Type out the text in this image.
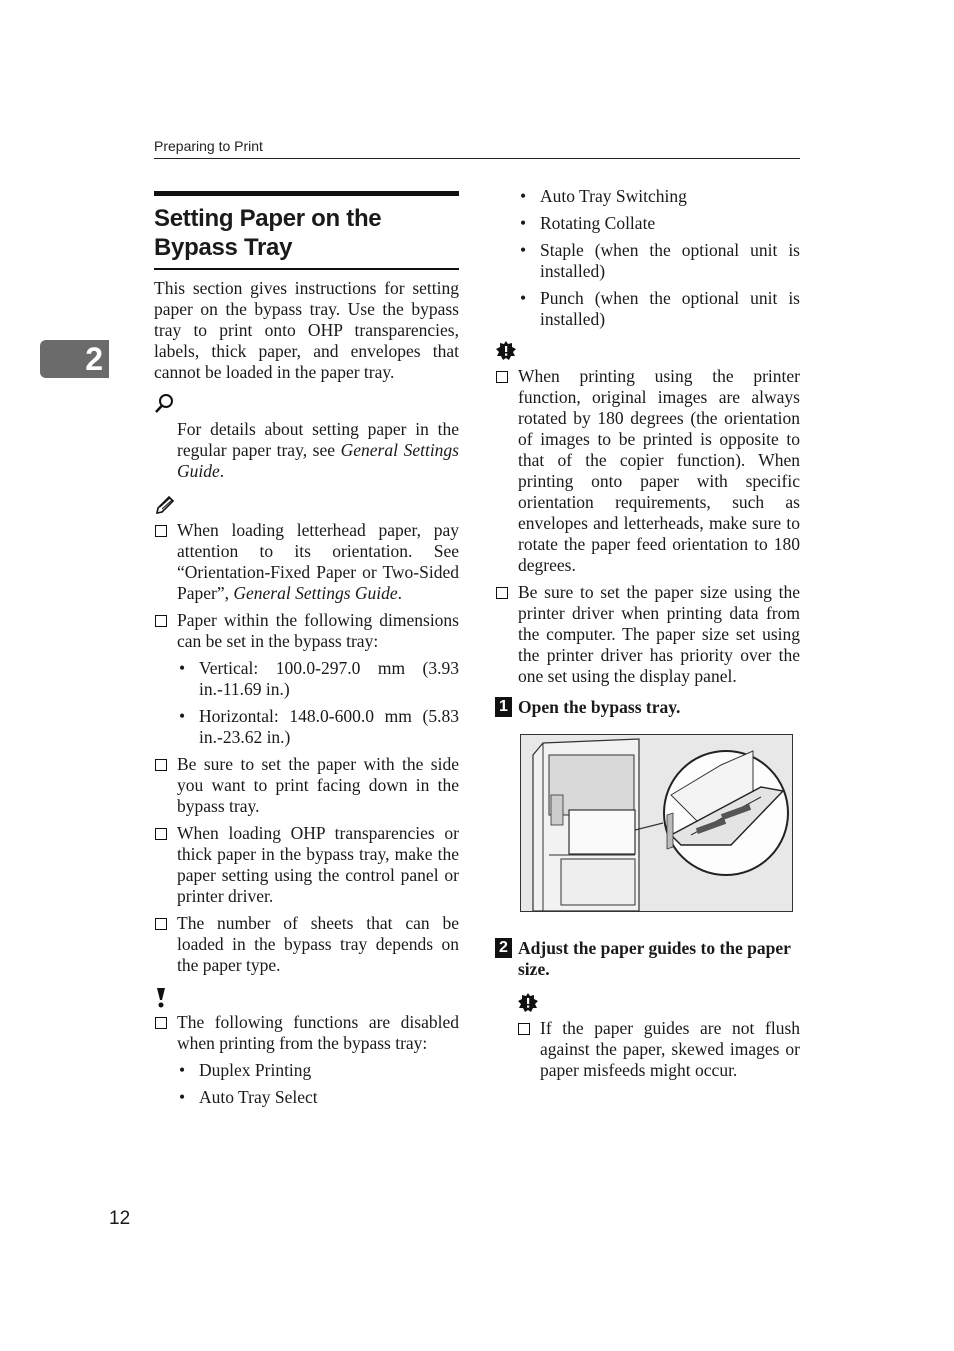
Preparing to Print
2
Setting Paper on the Bypass Tray

This section gives instructions for setting paper on the bypass tray. Use the bypass tray to print onto OHP transparencies, labels, thick paper, and envelopes that cannot be loaded in the paper tray.

For details about setting paper in the regular paper tray, see General Settings Guide.

When loading letterhead paper, pay attention to its orientation. See “Orientation-Fixed Paper or Two-Sided Paper”, General Settings Guide.

Paper within the following dimensions can be set in the bypass tray:

• Vertical: 100.0-297.0 mm (3.93 in.-11.69 in.)

• Horizontal: 148.0-600.0 mm (5.83 in.-23.62 in.)

Be sure to set the paper with the side you want to print facing down in the bypass tray.

When loading OHP transparencies or thick paper in the bypass tray, make the paper setting using the control panel or printer driver.

The number of sheets that can be loaded in the bypass tray depends on the paper type.

The following functions are disabled when printing from the bypass tray:

• Duplex Printing

• Auto Tray Select

• Auto Tray Switching

• Rotating Collate

• Staple (when the optional unit is installed)

• Punch (when the optional unit is installed)

When printing using the printer function, original images are always rotated by 180 degrees (the orientation of images to be printed is opposite to that of the copier function). When printing onto paper with specific orientation requirements, such as envelopes and letterheads, make sure to rotate the paper feed orientation to 180 degrees.

Be sure to set the paper size using the printer driver when printing data from the computer. The paper size set using the printer driver has priority over the one set using the display panel.

1 Open the bypass tray.
2 Adjust the paper guides to the paper size.

If the paper guides are not flush against the paper, skewed images or paper misfeeds might occur.

12
